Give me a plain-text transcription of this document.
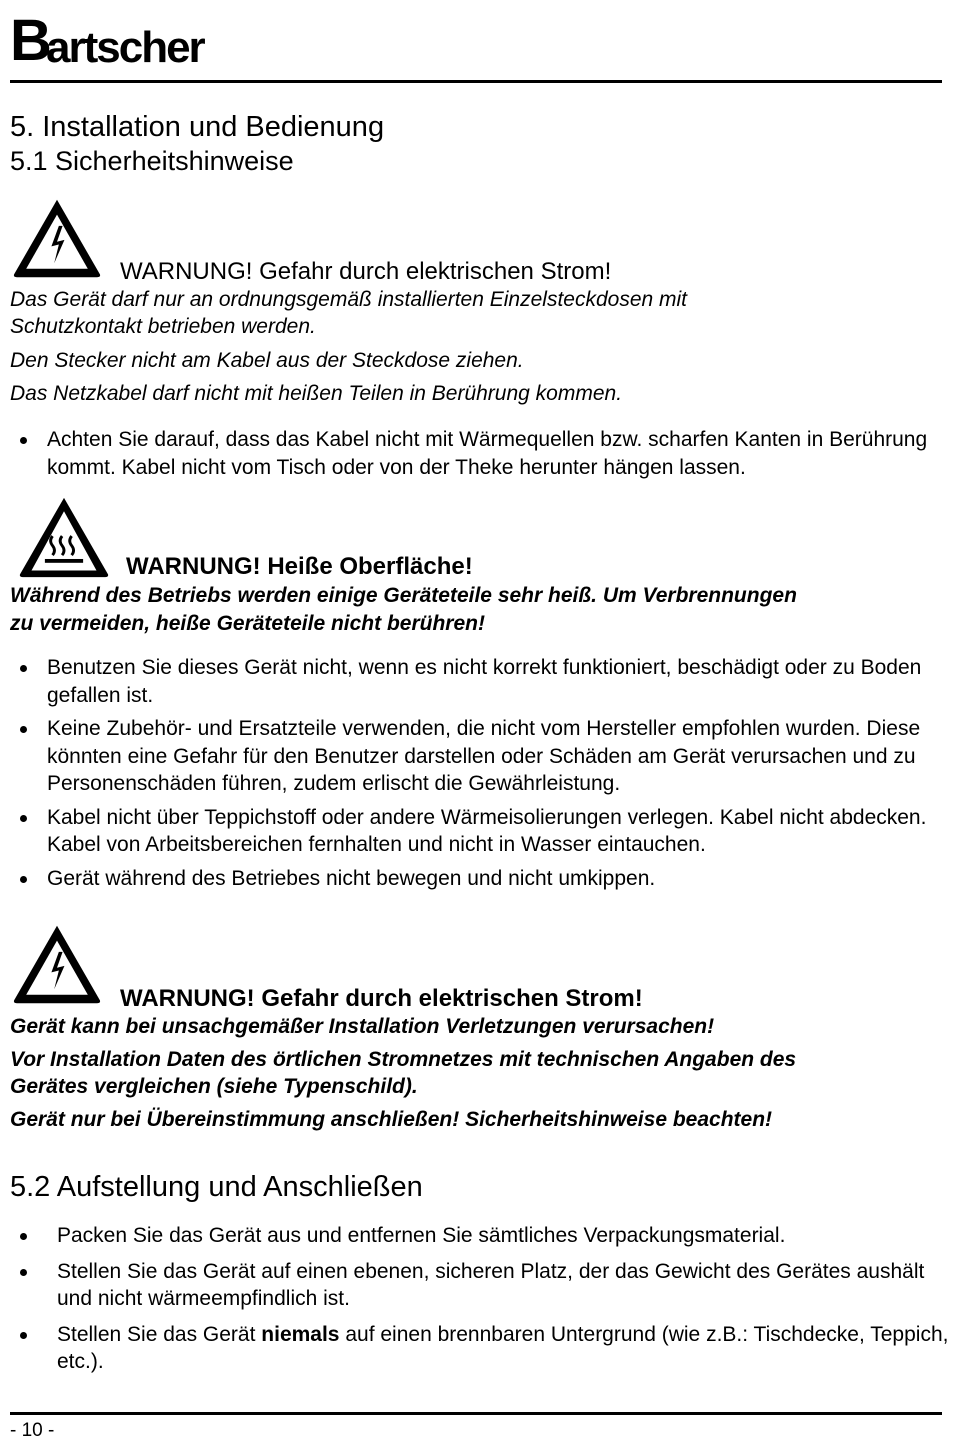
B
artscher
5. Installation und Bedienung
5.1 Sicherheitshinweise
WARNUNG! Gefahr durch elektrischen Strom!
Das Gerät darf nur an ordnungsgemäß installierten Einzelsteckdosen mit
Schutzkontakt betrieben werden.
Den Stecker nicht am Kabel aus der Steckdose ziehen.
Das Netzkabel darf nicht mit heißen Teilen in Berührung kommen.
Achten Sie darauf, dass das Kabel nicht mit Wärmequellen bzw. scharfen Kanten in Berührung kommt. Kabel nicht vom Tisch oder von der Theke herunter hängen lassen.
WARNUNG! Heiße Oberfläche!
Während des Betriebs werden einige Geräteteile sehr heiß. Um Verbrennungen
zu vermeiden, heiße Geräteteile nicht berühren!
Benutzen Sie dieses Gerät nicht, wenn es nicht korrekt funktioniert, beschädigt oder zu Boden gefallen ist.
Keine Zubehör- und Ersatzteile verwenden, die nicht vom Hersteller empfohlen wurden. Diese könnten eine Gefahr für den Benutzer darstellen oder Schäden am Gerät verursachen und zu Personenschäden führen, zudem erlischt die Gewährleistung.
Kabel nicht über Teppichstoff oder andere Wärmeisolierungen verlegen. Kabel nicht abdecken. Kabel von Arbeitsbereichen fernhalten und nicht in Wasser eintauchen.
Gerät während des Betriebes nicht bewegen und nicht umkippen.
WARNUNG! Gefahr durch elektrischen Strom!
Gerät kann bei unsachgemäßer Installation Verletzungen verursachen!
Vor Installation Daten des örtlichen Stromnetzes mit technischen Angaben des
Gerätes vergleichen (siehe Typenschild).
Gerät nur bei Übereinstimmung anschließen! Sicherheitshinweise beachten!
5.2 Aufstellung und Anschließen
Packen Sie das Gerät aus und entfernen Sie sämtliches Verpackungsmaterial.
Stellen Sie das Gerät auf einen ebenen, sicheren Platz, der das Gewicht des Gerätes aushält und nicht wärmeempfindlich ist.
Stellen Sie das Gerät niemals auf einen brennbaren Untergrund (wie z.B.: Tischdecke, Teppich, etc.).
- 10 -
